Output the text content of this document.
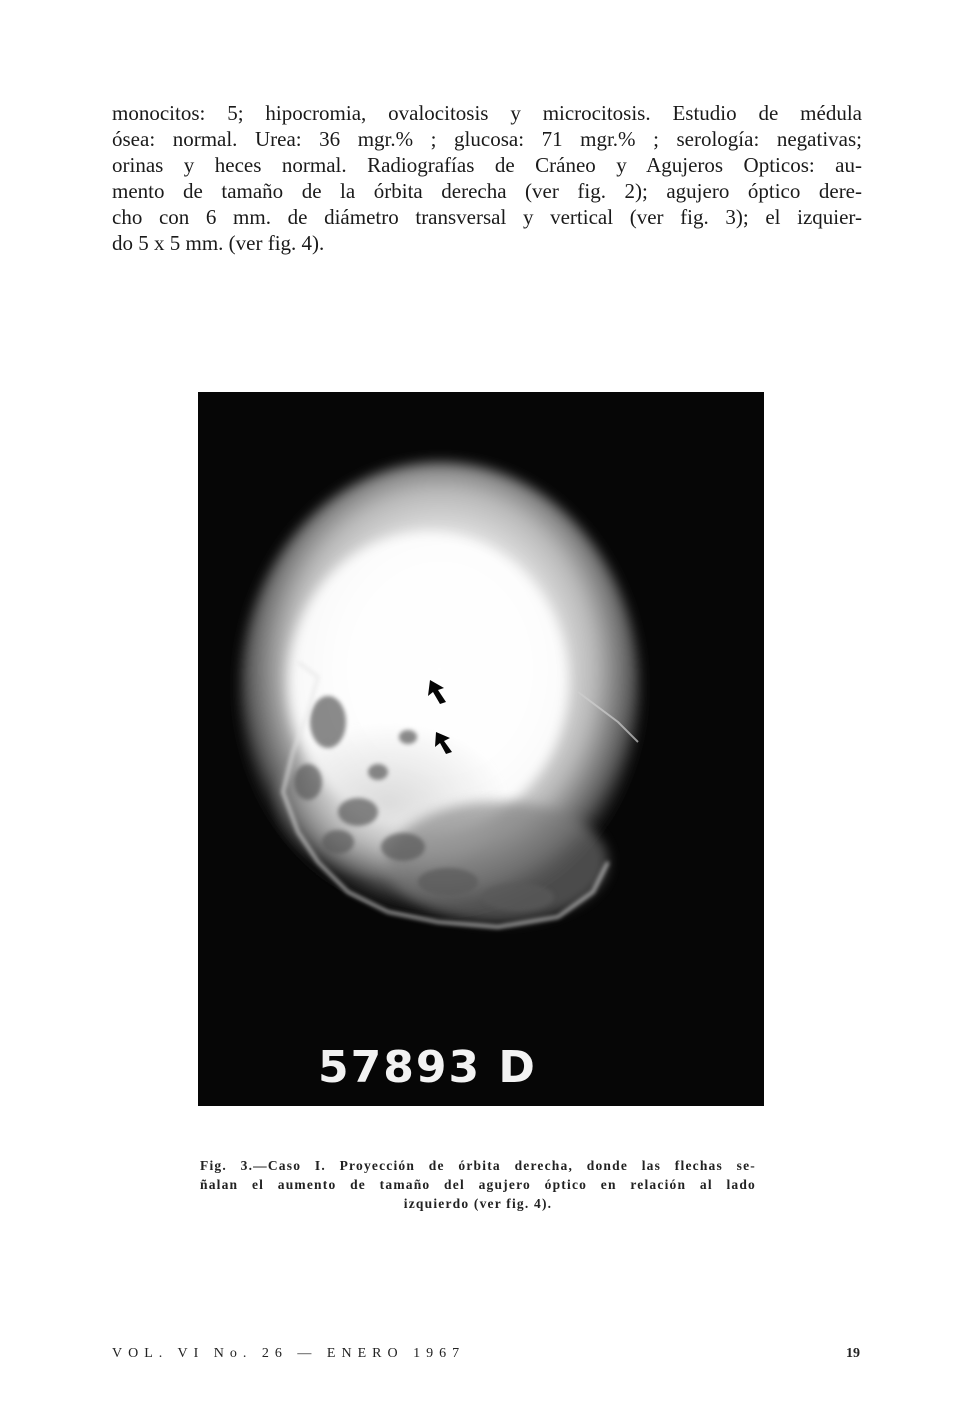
monocitos: 5; hipocromia, ovalocitosis y microcitosis. Estudio de médula
ósea: normal. Urea: 36 mgr.% ; glucosa: 71 mgr.% ; serología: negativas;
orinas y heces normal. Radiografías de Cráneo y Agujeros Opticos: au-
mento de tamaño de la órbita derecha (ver fig. 2); agujero óptico dere-
cho con 6 mm. de diámetro transversal y vertical (ver fig. 3); el izquier-
do 5 x 5 mm. (ver fig. 4).
57893 D
Fig. 3.—Caso I. Proyección de órbita derecha, donde las flechas se-
ñalan el aumento de tamaño del agujero óptico en relación al lado
izquierdo (ver fig. 4).
VOL. VI No. 26 — ENERO 1967	19
